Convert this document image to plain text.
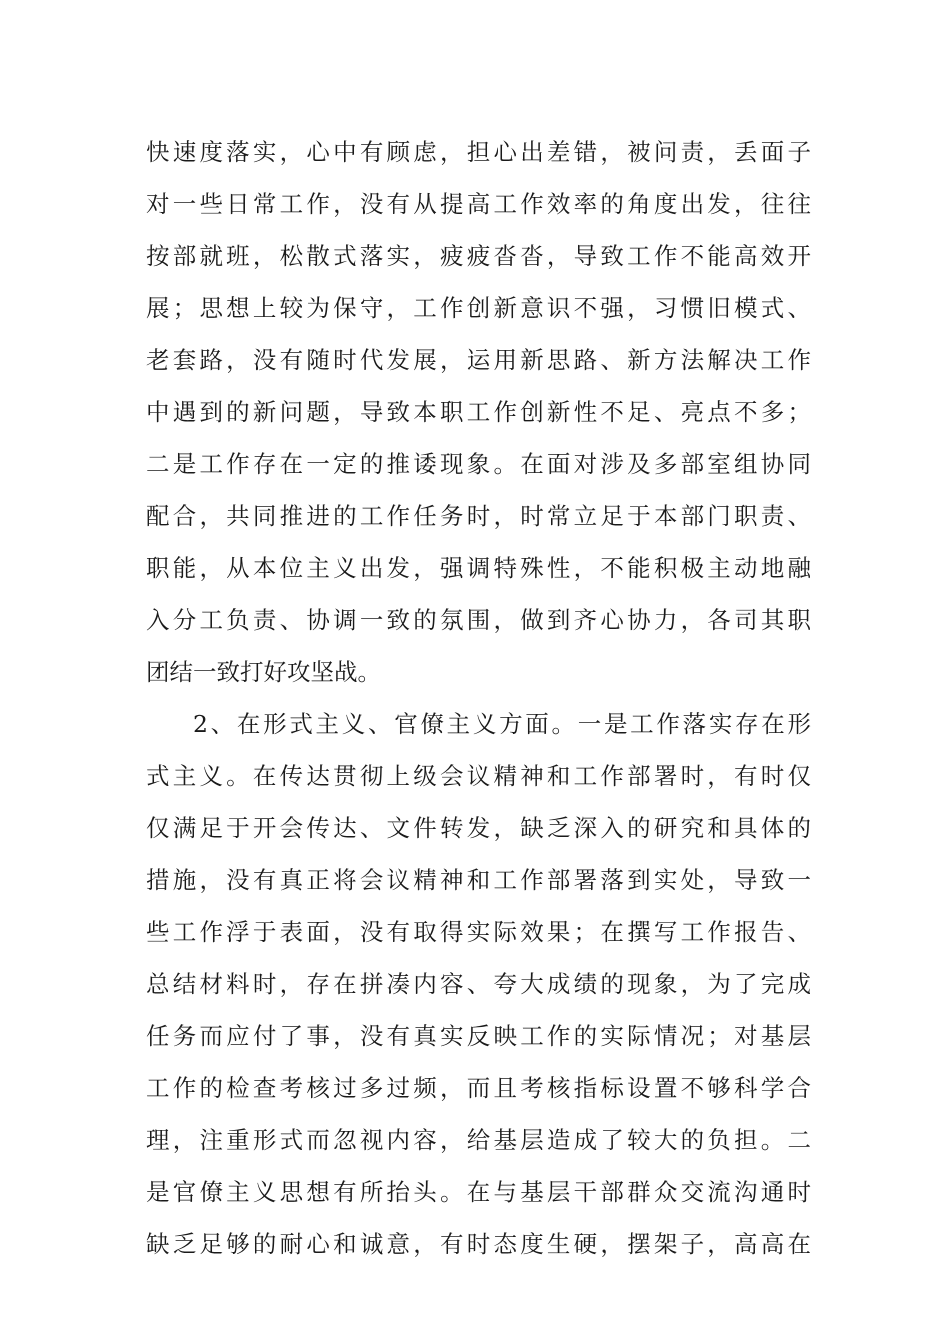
快速度落实，心中有顾虑，担心出差错，被问责，丢面子
对一些日常工作，没有从提高工作效率的角度出发，往往
按部就班，松散式落实，疲疲沓沓，导致工作不能高效开
展；思想上较为保守，工作创新意识不强，习惯旧模式、
老套路，没有随时代发展，运用新思路、新方法解决工作
中遇到的新问题，导致本职工作创新性不足、亮点不多；
二是工作存在一定的推诿现象。在面对涉及多部室组协同
配合，共同推进的工作任务时，时常立足于本部门职责、
职能，从本位主义出发，强调特殊性，不能积极主动地融
入分工负责、协调一致的氛围，做到齐心协力，各司其职
团结一致打好攻坚战。
2、在形式主义、官僚主义方面。一是工作落实存在形
式主义。在传达贯彻上级会议精神和工作部署时，有时仅
仅满足于开会传达、文件转发，缺乏深入的研究和具体的
措施，没有真正将会议精神和工作部署落到实处，导致一
些工作浮于表面，没有取得实际效果；在撰写工作报告、
总结材料时，存在拼凑内容、夸大成绩的现象，为了完成
任务而应付了事，没有真实反映工作的实际情况；对基层
工作的检查考核过多过频，而且考核指标设置不够科学合
理，注重形式而忽视内容，给基层造成了较大的负担。二
是官僚主义思想有所抬头。在与基层干部群众交流沟通时
缺乏足够的耐心和诚意，有时态度生硬，摆架子，高高在
